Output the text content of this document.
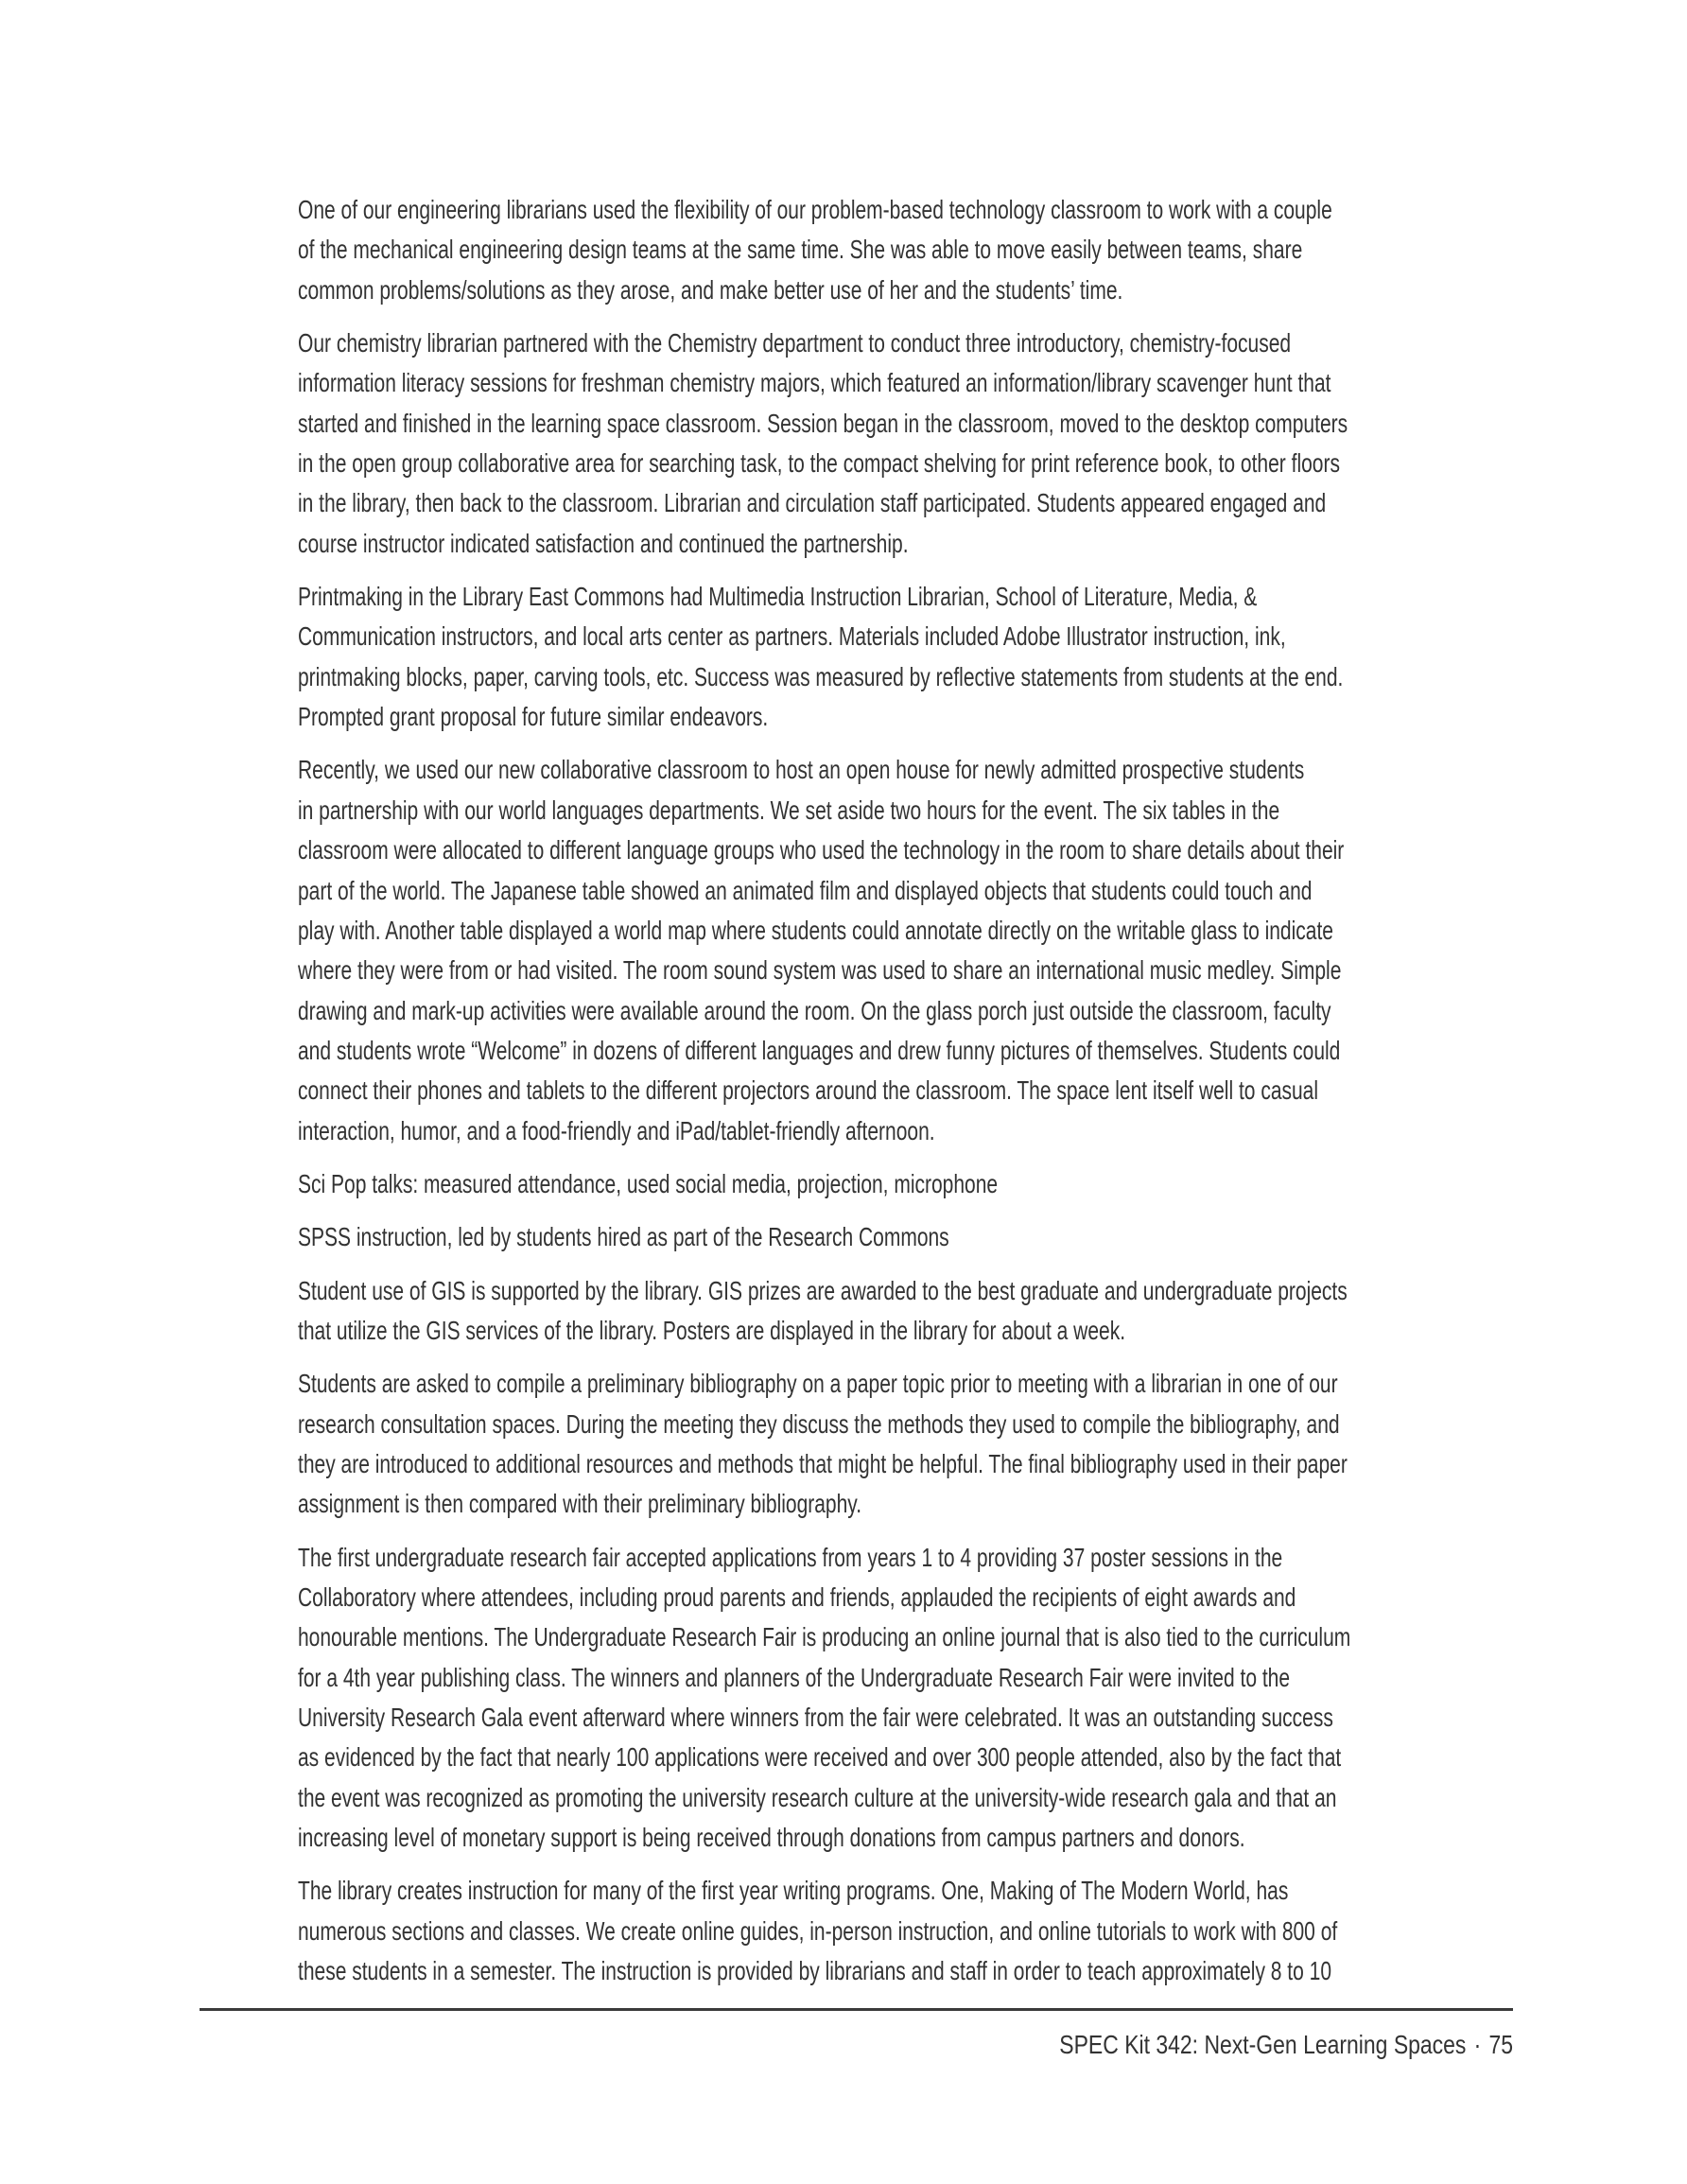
One of our engineering librarians used the flexibility of our problem-based technology classroom to work with a couple
of the mechanical engineering design teams at the same time. She was able to move easily between teams, share
common problems/solutions as they arose, and make better use of her and the students’ time.
Our chemistry librarian partnered with the Chemistry department to conduct three introductory, chemistry-focused
information literacy sessions for freshman chemistry majors, which featured an information/library scavenger hunt that
started and finished in the learning space classroom. Session began in the classroom, moved to the desktop computers
in the open group collaborative area for searching task, to the compact shelving for print reference book, to other floors
in the library, then back to the classroom. Librarian and circulation staff participated. Students appeared engaged and
course instructor indicated satisfaction and continued the partnership.
Printmaking in the Library East Commons had Multimedia Instruction Librarian, School of Literature, Media, &
Communication instructors, and local arts center as partners. Materials included Adobe Illustrator instruction, ink,
printmaking blocks, paper, carving tools, etc. Success was measured by reflective statements from students at the end.
Prompted grant proposal for future similar endeavors.
Recently, we used our new collaborative classroom to host an open house for newly admitted prospective students
in partnership with our world languages departments. We set aside two hours for the event. The six tables in the
classroom were allocated to different language groups who used the technology in the room to share details about their
part of the world. The Japanese table showed an animated film and displayed objects that students could touch and
play with. Another table displayed a world map where students could annotate directly on the writable glass to indicate
where they were from or had visited. The room sound system was used to share an international music medley. Simple
drawing and mark-up activities were available around the room. On the glass porch just outside the classroom, faculty
and students wrote “Welcome” in dozens of different languages and drew funny pictures of themselves. Students could
connect their phones and tablets to the different projectors around the classroom. The space lent itself well to casual
interaction, humor, and a food-friendly and iPad/tablet-friendly afternoon.
Sci Pop talks: measured attendance, used social media, projection, microphone
SPSS instruction, led by students hired as part of the Research Commons
Student use of GIS is supported by the library. GIS prizes are awarded to the best graduate and undergraduate projects
that utilize the GIS services of the library. Posters are displayed in the library for about a week.
Students are asked to compile a preliminary bibliography on a paper topic prior to meeting with a librarian in one of our
research consultation spaces. During the meeting they discuss the methods they used to compile the bibliography, and
they are introduced to additional resources and methods that might be helpful. The final bibliography used in their paper
assignment is then compared with their preliminary bibliography.
The first undergraduate research fair accepted applications from years 1 to 4 providing 37 poster sessions in the
Collaboratory where attendees, including proud parents and friends, applauded the recipients of eight awards and
honourable mentions. The Undergraduate Research Fair is producing an online journal that is also tied to the curriculum
for a 4th year publishing class. The winners and planners of the Undergraduate Research Fair were invited to the
University Research Gala event afterward where winners from the fair were celebrated. It was an outstanding success
as evidenced by the fact that nearly 100 applications were received and over 300 people attended, also by the fact that
the event was recognized as promoting the university research culture at the university-wide research gala and that an
increasing level of monetary support is being received through donations from campus partners and donors.
The library creates instruction for many of the first year writing programs. One, Making of The Modern World, has
numerous sections and classes. We create online guides, in-person instruction, and online tutorials to work with 800 of
these students in a semester. The instruction is provided by librarians and staff in order to teach approximately 8 to 10
SPEC Kit 342: Next-Gen Learning Spaces · 75
